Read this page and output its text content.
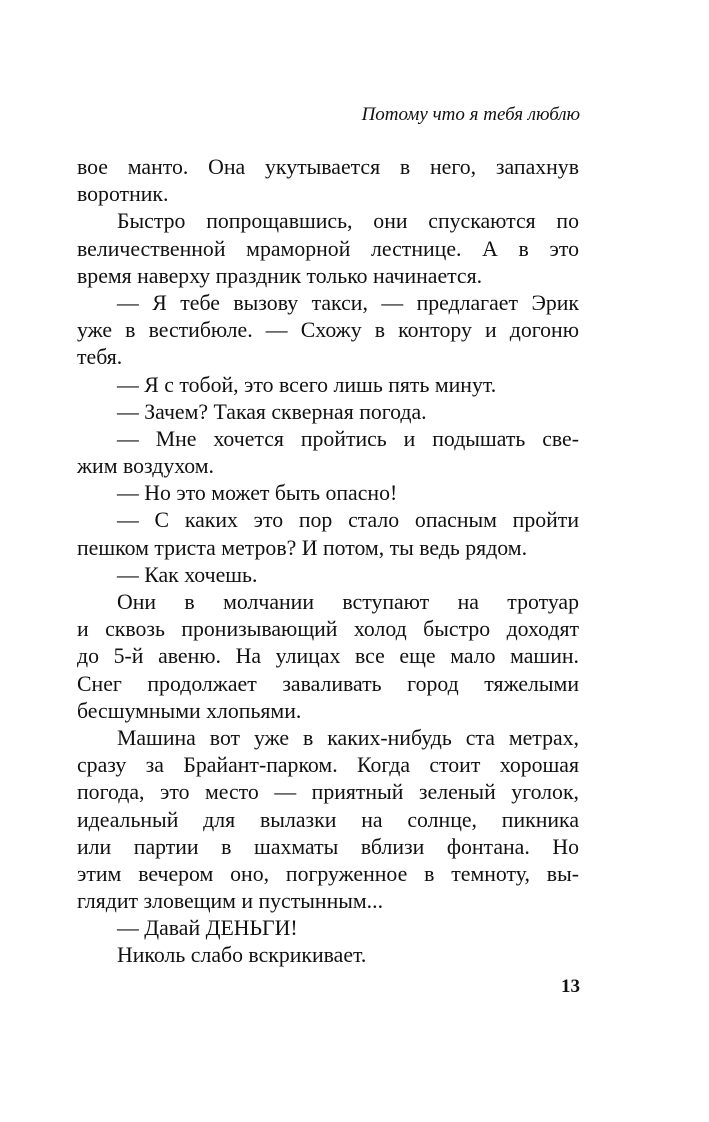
Потому что я тебя люблю
вое манто. Она укутывается в него, запахнув
воротник.
Быстро попрощавшись, они спускаются по
величественной мраморной лестнице. А в это
время наверху праздник только начинается.
— Я тебе вызову такси, — предлагает Эрик
уже в вестибюле. — Схожу в контору и догоню
тебя.
— Я с тобой, это всего лишь пять минут.
— Зачем? Такая скверная погода.
— Мне хочется пройтись и подышать све-
жим воздухом.
— Но это может быть опасно!
— С каких это пор стало опасным пройти
пешком триста метров? И потом, ты ведь рядом.
— Как хочешь.
Они в молчании вступают на тротуар
и сквозь пронизывающий холод быстро доходят
до 5-й авеню. На улицах все еще мало машин.
Снег продолжает заваливать город тяжелыми
бесшумными хлопьями.
Машина вот уже в каких-нибудь ста метрах,
сразу за Брайант-парком. Когда стоит хорошая
погода, это место — приятный зеленый уголок,
идеальный для вылазки на солнце, пикника
или партии в шахматы вблизи фонтана. Но
этим вечером оно, погруженное в темноту, вы-
глядит зловещим и пустынным...
— Давай ДЕНЬГИ!
Николь слабо вскрикивает.
13
